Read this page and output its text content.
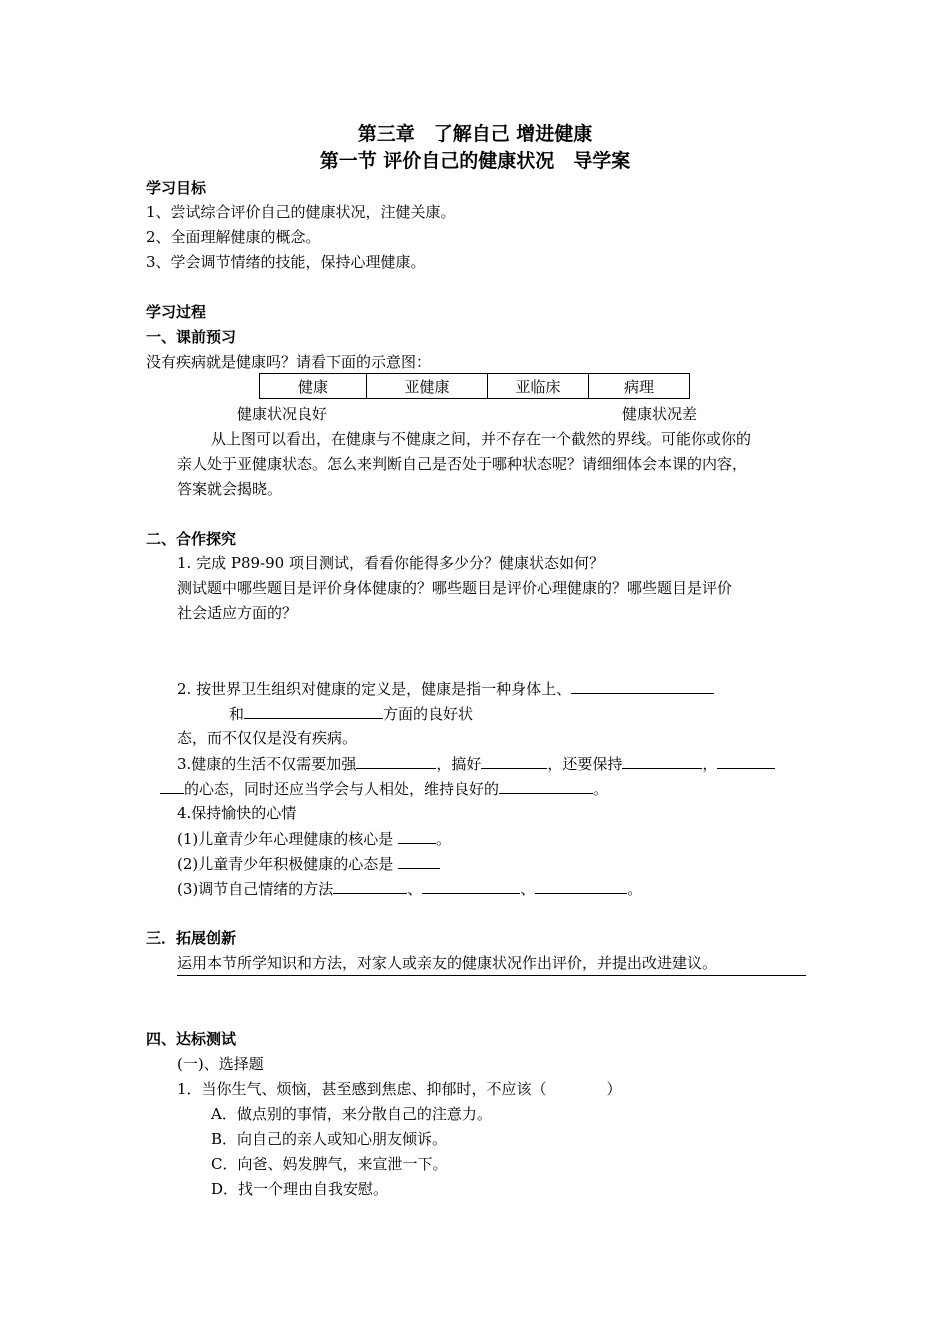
第三章　了解自己 增进健康
第一节 评价自己的健康状况　导学案
学习目标
1、尝试综合评价自己的健康状况，注健关康。
2、全面理解健康的概念。
3、学会调节情绪的技能，保持心理健康。
学习过程
一、课前预习
没有疾病就是健康吗？请看下面的示意图：
健康	亚健康	亚临床	病理
健康状况良好	健康状况差
从上图可以看出，在健康与不健康之间，并不存在一个截然的界线。可能你或你的
亲人处于亚健康状态。怎么来判断自己是否处于哪种状态呢？请细细体会本课的内容，
答案就会揭晓。
二、合作探究
1. 完成 P89-90 项目测试，看看你能得多少分？健康状态如何？
测试题中哪些题目是评价身体健康的？哪些题目是评价心理健康的？哪些题目是评价
社会适应方面的？
2. 按世界卫生组织对健康的定义是，健康是指一种身体上、
和	方面的良好状
态，而不仅仅是没有疾病。
3.健康的生活不仅需要加强	，搞好	，还要保持	，
的心态，同时还应当学会与人相处，维持良好的	。
4.保持愉快的心情
(1)儿童青少年心理健康的核心是	。
(2)儿童青少年积极健康的心态是
(3)调节自己情绪的方法	、	、	。
三．拓展创新
运用本节所学知识和方法，对家人或亲友的健康状况作出评价，并提出改进建议。
四、达标测试
(一)、选择题
1．当你生气、烦恼，甚至感到焦虑、抑郁时，不应该（　　　　）
A．做点别的事情，来分散自己的注意力。
B．向自己的亲人或知心朋友倾诉。
C．向爸、妈发脾气，来宣泄一下。
D．找一个理由自我安慰。
